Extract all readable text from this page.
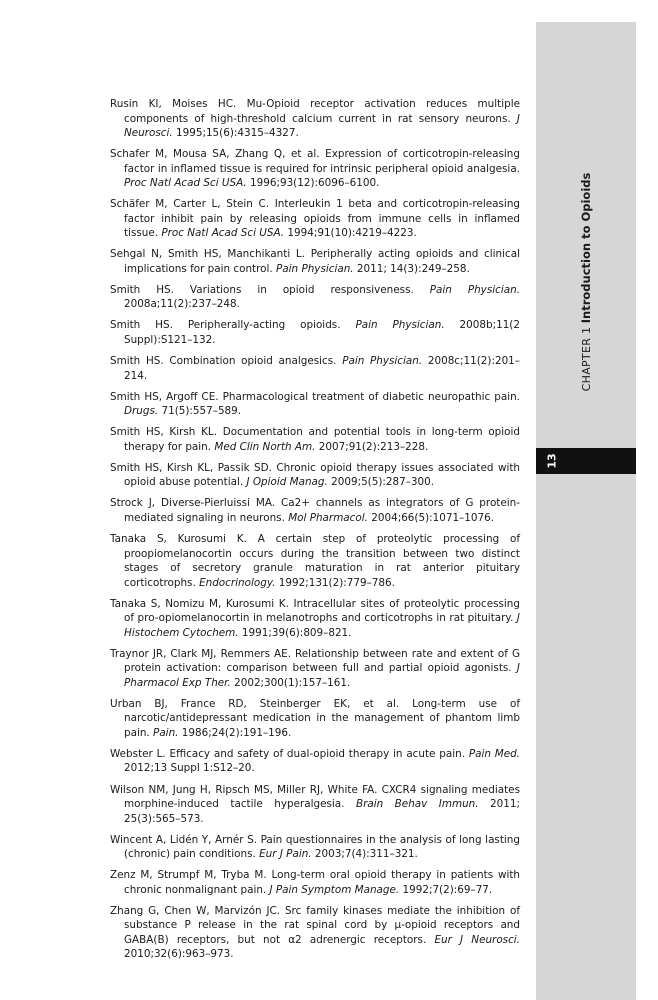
CHAPTER 1 Introduction to Opioids
13
Rusin KI, Moises HC. Mu-Opioid receptor activation reduces multiple components of high-threshold calcium current in rat sensory neurons. J Neurosci. 1995;15(6):4315–4327.
Schafer M, Mousa SA, Zhang Q, et al. Expression of corticotropin-releasing factor in inflamed tissue is required for intrinsic peripheral opioid analgesia. Proc Natl Acad Sci USA. 1996;93(12):6096–6100.
Schäfer M, Carter L, Stein C. Interleukin 1 beta and corticotropin-releasing factor inhibit pain by releasing opioids from immune cells in inflamed tissue. Proc Natl Acad Sci USA. 1994;91(10):4219–4223.
Sehgal N, Smith HS, Manchikanti L. Peripherally acting opioids and clinical implications for pain control. Pain Physician. 2011; 14(3):249–258.
Smith HS. Variations in opioid responsiveness. Pain Physician. 2008a;11(2):237–248.
Smith HS. Peripherally-acting opioids. Pain Physician. 2008b;11(2 Suppl):S121–132.
Smith HS. Combination opioid analgesics. Pain Physician. 2008c;11(2):201–214.
Smith HS, Argoff CE. Pharmacological treatment of diabetic neuropathic pain. Drugs. 71(5):557–589.
Smith HS, Kirsh KL. Documentation and potential tools in long-term opioid therapy for pain. Med Clin North Am. 2007;91(2):213–228.
Smith HS, Kirsh KL, Passik SD. Chronic opioid therapy issues associated with opioid abuse potential. J Opioid Manag. 2009;5(5):287–300.
Strock J, Diverse-Pierluissi MA. Ca2+ channels as integrators of G protein-mediated signaling in neurons. Mol Pharmacol. 2004;66(5):1071–1076.
Tanaka S, Kurosumi K. A certain step of proteolytic processing of proopiomelanocortin occurs during the transition between two distinct stages of secretory granule maturation in rat anterior pituitary corticotrophs. Endocrinology. 1992;131(2):779–786.
Tanaka S, Nomizu M, Kurosumi K. Intracellular sites of proteolytic processing of pro-opiomelanocortin in melanotrophs and corticotrophs in rat pituitary. J Histochem Cytochem. 1991;39(6):809–821.
Traynor JR, Clark MJ, Remmers AE. Relationship between rate and extent of G protein activation: comparison between full and partial opioid agonists. J Pharmacol Exp Ther. 2002;300(1):157–161.
Urban BJ, France RD, Steinberger EK, et al. Long-term use of narcotic/antidepressant medication in the management of phantom limb pain. Pain. 1986;24(2):191–196.
Webster L. Efficacy and safety of dual-opioid therapy in acute pain. Pain Med. 2012;13 Suppl 1:S12–20.
Wilson NM, Jung H, Ripsch MS, Miller RJ, White FA. CXCR4 signaling mediates morphine-induced tactile hyperalgesia. Brain Behav Immun. 2011; 25(3):565–573.
Wincent A, Lidén Y, Arnér S. Pain questionnaires in the analysis of long lasting (chronic) pain conditions. Eur J Pain. 2003;7(4):311–321.
Zenz M, Strumpf M, Tryba M. Long-term oral opioid therapy in patients with chronic nonmalignant pain. J Pain Symptom Manage. 1992;7(2):69–77.
Zhang G, Chen W, Marvizón JC. Src family kinases mediate the inhibition of substance P release in the rat spinal cord by μ-opioid receptors and GABA(B) receptors, but not α2 adrenergic receptors. Eur J Neurosci. 2010;32(6):963–973.
